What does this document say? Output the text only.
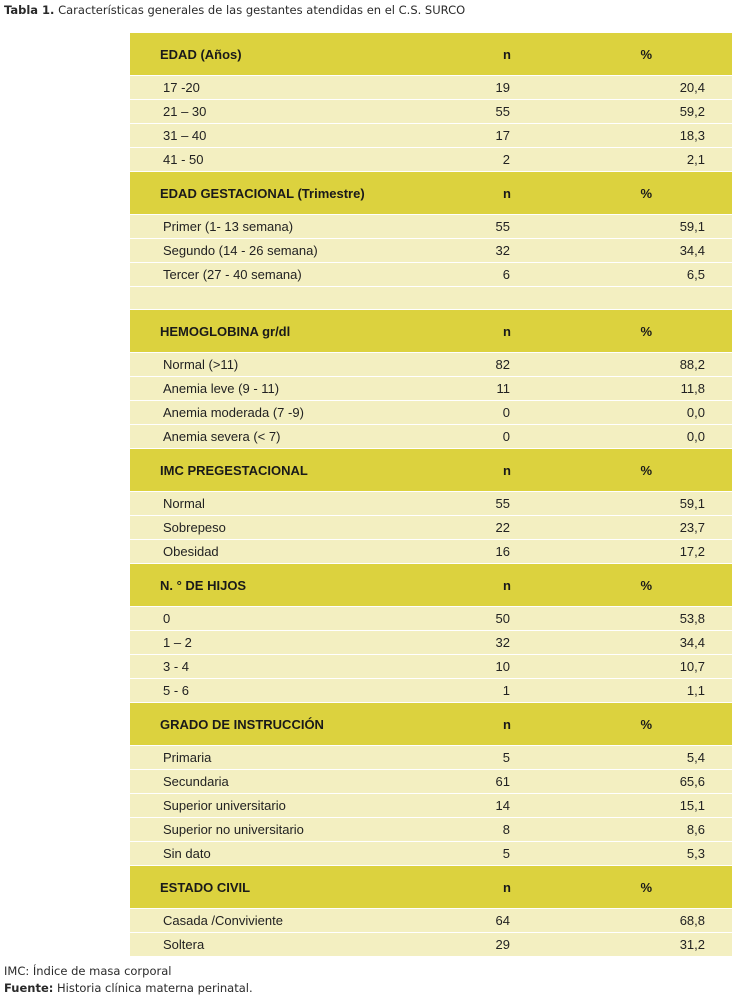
Tabla 1. Características generales de las gestantes atendidas en el C.S. SURCO
EDAD (Años)	n	%
17 -20	19	20,4
21 – 30	55	59,2
31 – 40	17	18,3
41 - 50	2	2,1
EDAD GESTACIONAL (Trimestre)	n	%
Primer (1- 13 semana)	55	59,1
Segundo (14 - 26 semana)	32	34,4
Tercer (27 - 40 semana)	6	6,5
HEMOGLOBINA gr/dl	n	%
Normal (>11)	82	88,2
Anemia leve (9 - 11)	11	11,8
Anemia moderada (7 -9)	0	0,0
Anemia severa (< 7)	0	0,0
IMC PREGESTACIONAL	n	%
Normal	55	59,1
Sobrepeso	22	23,7
Obesidad	16	17,2
N. ° DE HIJOS	n	%
0	50	53,8
1 – 2	32	34,4
3 - 4	10	10,7
5 - 6	1	1,1
GRADO DE INSTRUCCIÓN	n	%
Primaria	5	5,4
Secundaria	61	65,6
Superior universitario	14	15,1
Superior no universitario	8	8,6
Sin dato	5	5,3
ESTADO CIVIL	n	%
Casada /Conviviente	64	68,8
Soltera	29	31,2
IMC: Índice de masa corporal
Fuente: Historia clínica materna perinatal.
